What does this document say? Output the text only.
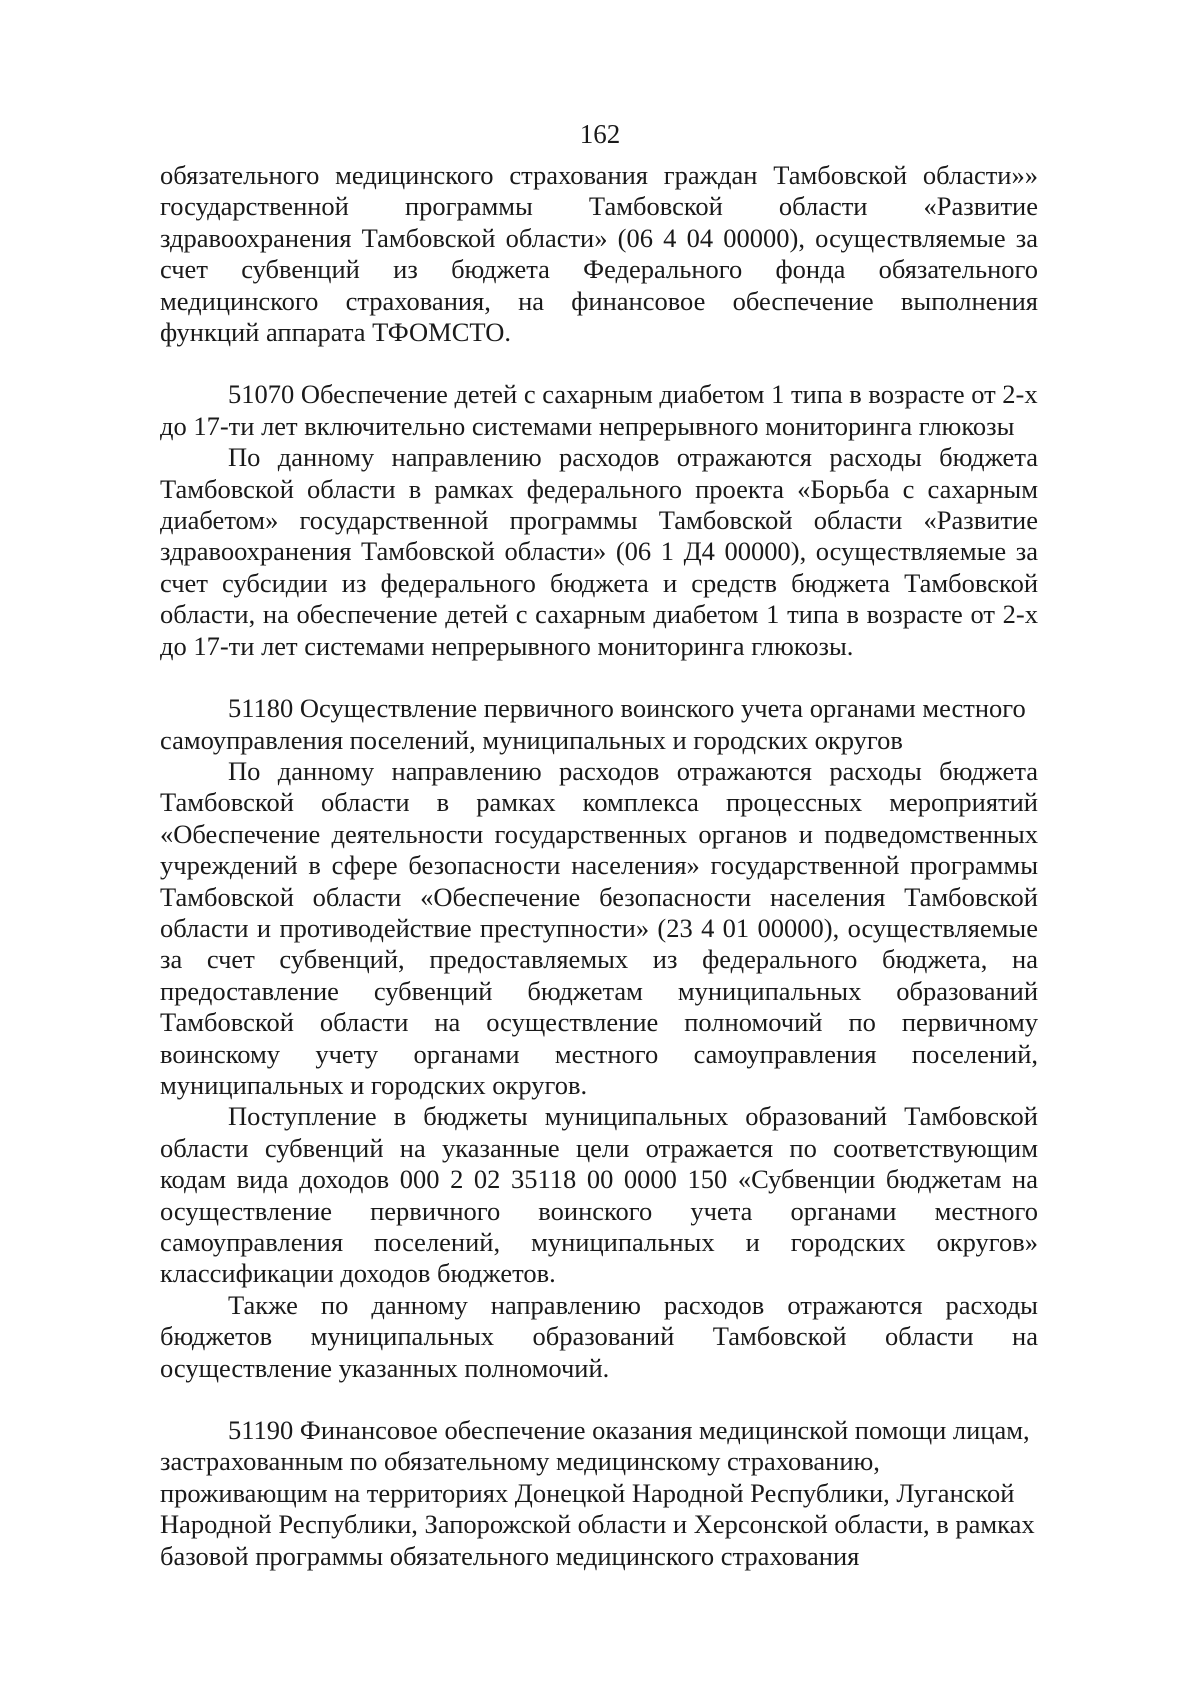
162

обязательного медицинского страхования граждан Тамбовской области»» государственной программы Тамбовской области «Развитие здравоохранения Тамбовской области» (06 4 04 00000), осуществляемые за счет субвенций из бюджета Федерального фонда обязательного медицинского страхования, на финансовое обеспечение выполнения функций аппарата ТФОМСТО.

51070 Обеспечение детей с сахарным диабетом 1 типа в возрасте от 2-х до 17-ти лет включительно системами непрерывного мониторинга глюкозы

По данному направлению расходов отражаются расходы бюджета Тамбовской области в рамках федерального проекта «Борьба с сахарным диабетом» государственной программы Тамбовской области «Развитие здравоохранения Тамбовской области» (06 1 Д4 00000), осуществляемые за счет субсидии из федерального бюджета и средств бюджета Тамбовской области, на обеспечение детей с сахарным диабетом 1 типа в возрасте от 2-х до 17-ти лет системами непрерывного мониторинга глюкозы.

51180 Осуществление первичного воинского учета органами местного самоуправления поселений, муниципальных и городских округов

По данному направлению расходов отражаются расходы бюджета Тамбовской области в рамках комплекса процессных мероприятий «Обеспечение деятельности государственных органов и подведомственных учреждений в сфере безопасности населения» государственной программы Тамбовской области «Обеспечение безопасности населения Тамбовской области и противодействие преступности» (23 4 01 00000), осуществляемые за счет субвенций, предоставляемых из федерального бюджета, на предоставление субвенций бюджетам муниципальных образований Тамбовской области на осуществление полномочий по первичному воинскому учету органами местного самоуправления поселений, муниципальных и городских округов.

Поступление в бюджеты муниципальных образований Тамбовской области субвенций на указанные цели отражается по соответствующим кодам вида доходов 000 2 02 35118 00 0000 150 «Субвенции бюджетам на осуществление первичного воинского учета органами местного самоуправления поселений, муниципальных и городских округов» классификации доходов бюджетов.

Также по данному направлению расходов отражаются расходы бюджетов муниципальных образований Тамбовской области на осуществление указанных полномочий.

51190 Финансовое обеспечение оказания медицинской помощи лицам, застрахованным по обязательному медицинскому страхованию, проживающим на территориях Донецкой Народной Республики, Луганской Народной Республики, Запорожской области и Херсонской области, в рамках базовой программы обязательного медицинского страхования
